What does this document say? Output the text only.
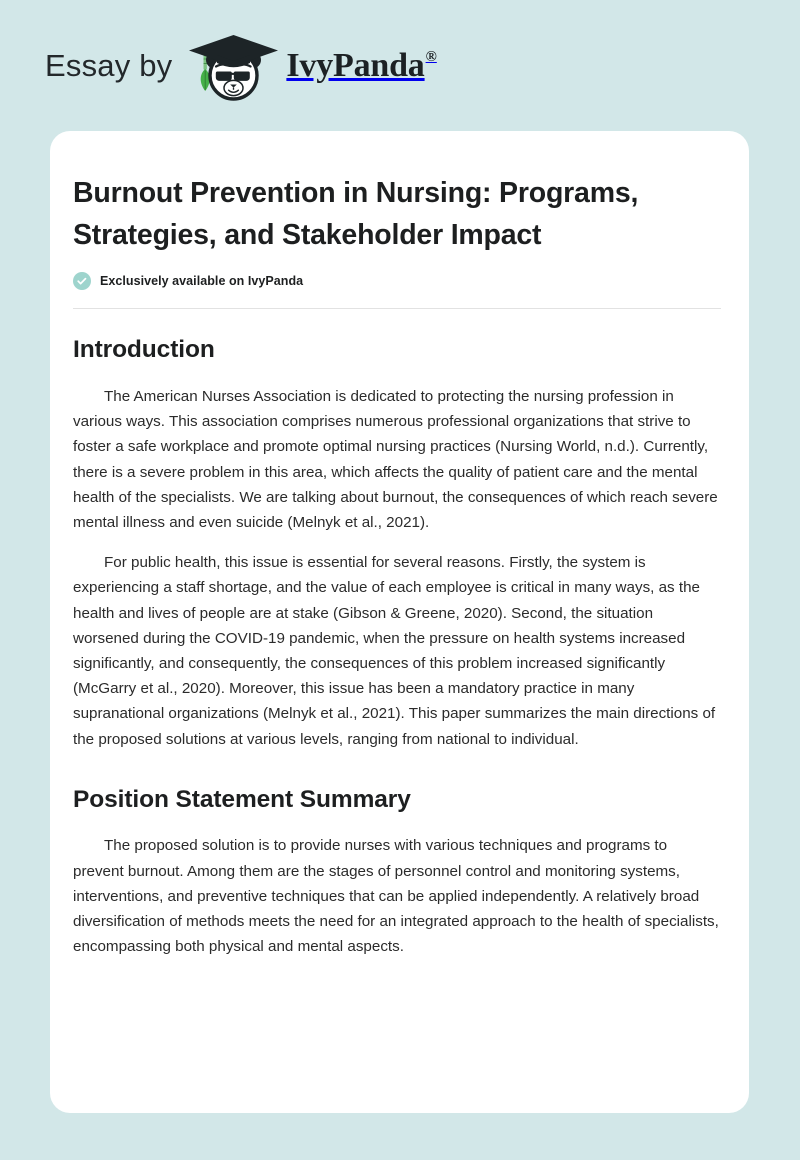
Essay by	IvyPanda ®
Burnout Prevention in Nursing: Programs, Strategies, and Stakeholder Impact
Exclusively available on IvyPanda
Introduction

The American Nurses Association is dedicated to protecting the nursing profession in various ways. This association comprises numerous professional organizations that strive to foster a safe workplace and promote optimal nursing practices (Nursing World, n.d.). Currently, there is a severe problem in this area, which affects the quality of patient care and the mental health of the specialists. We are talking about burnout, the consequences of which reach severe mental illness and even suicide (Melnyk et al., 2021).

For public health, this issue is essential for several reasons. Firstly, the system is experiencing a staff shortage, and the value of each employee is critical in many ways, as the health and lives of people are at stake (Gibson & Greene, 2020). Second, the situation worsened during the COVID-19 pandemic, when the pressure on health systems increased significantly, and consequently, the consequences of this problem increased significantly (McGarry et al., 2020). Moreover, this issue has been a mandatory practice in many supranational organizations (Melnyk et al., 2021). This paper summarizes the main directions of the proposed solutions at various levels, ranging from national to individual.

Position Statement Summary

The proposed solution is to provide nurses with various techniques and programs to prevent burnout. Among them are the stages of personnel control and monitoring systems, interventions, and preventive techniques that can be applied independently. A relatively broad diversification of methods meets the need for an integrated approach to the health of specialists, encompassing both physical and mental aspects.
